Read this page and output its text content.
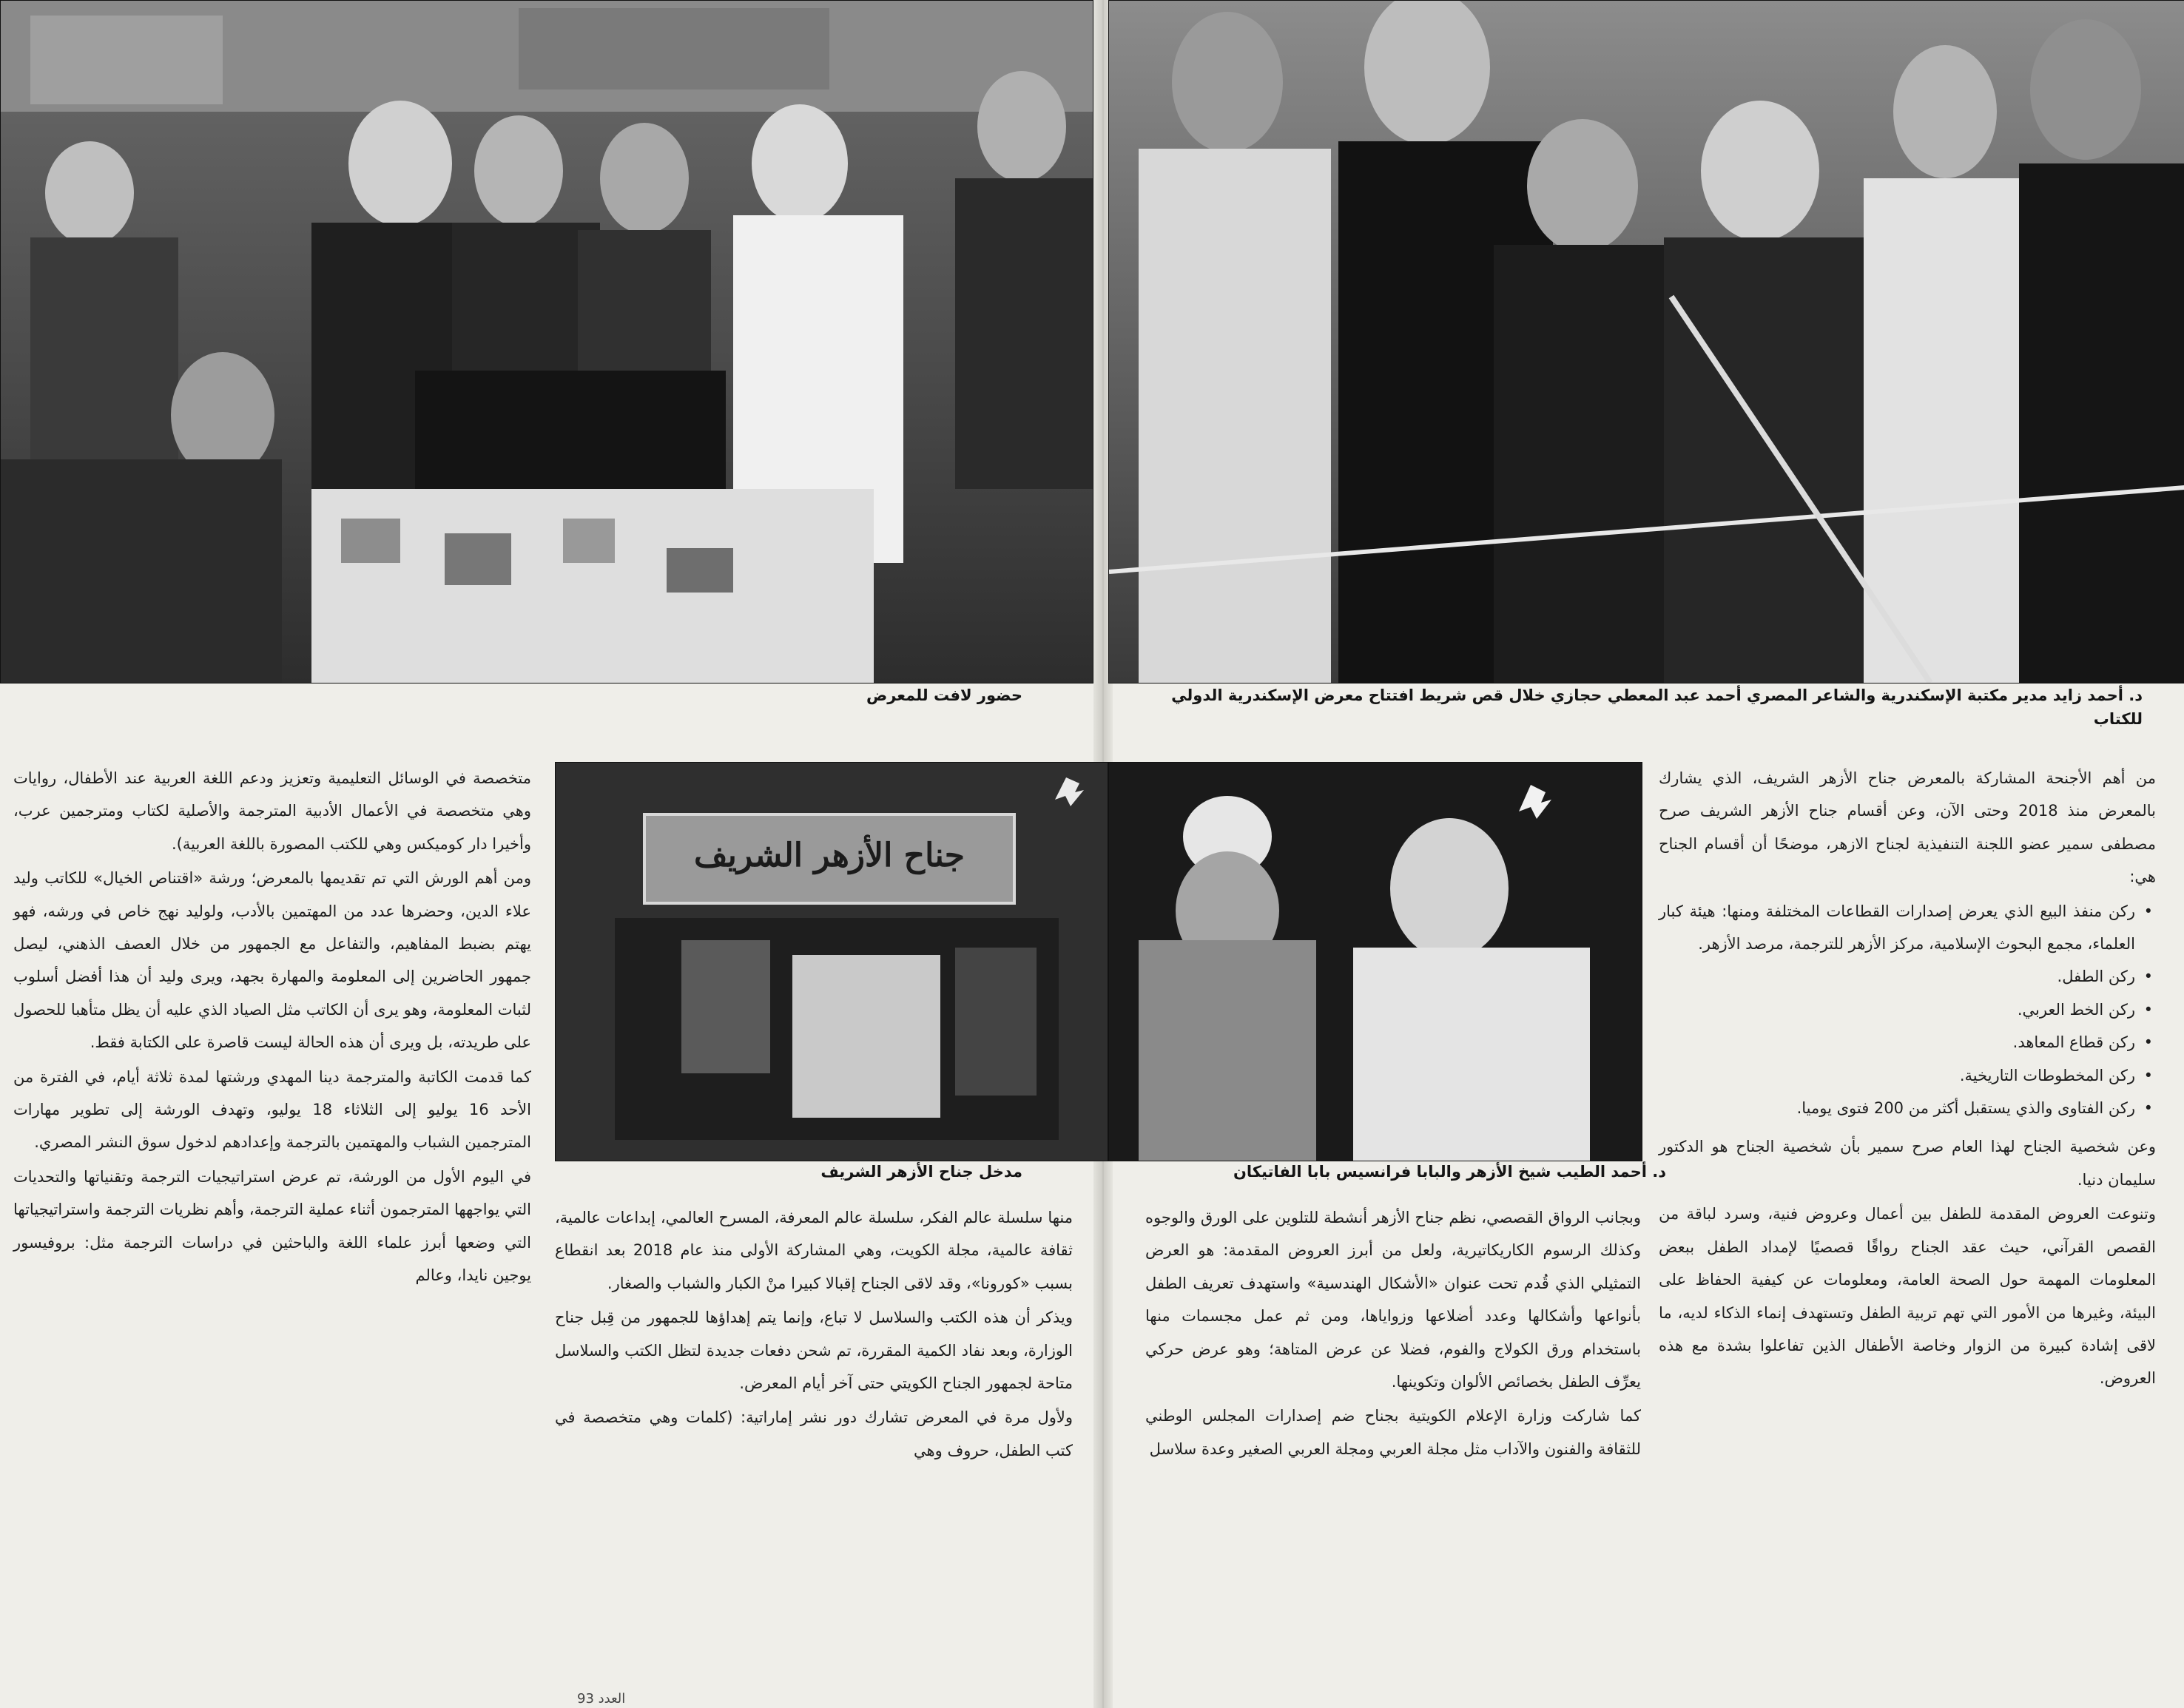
د. أحمد زايد مدير مكتبة الإسكندرية والشاعر المصري أحمد عبد المعطي حجازي خلال قص شريط افتتاح معرض الإسكندرية الدولي للكتاب
حضور لافت للمعرض
جناح الأزهر الشريف
د. أحمد الطيب شيخ الأزهر والبابا فرانسيس بابا الفاتيكان
مدخل جناح الأزهر الشريف

من أهم الأجنحة المشاركة بالمعرض جناح الأزهر الشريف، الذي يشارك بالمعرض منذ 2018 وحتى الآن، وعن أقسام جناح الأزهر الشريف صرح مصطفى سمير عضو اللجنة التنفيذية لجناح الازهر، موضحًا أن أقسام الجناح هي:

• ركن منفذ البيع الذي يعرض إصدارات القطاعات المختلفة ومنها: هيئة كبار العلماء، مجمع البحوث الإسلامية، مركز الأزهر للترجمة، مرصد الأزهر.
• ركن الطفل.
• ركن الخط العربي.
• ركن قطاع المعاهد.
• ركن المخطوطات التاريخية.
• ركن الفتاوى والذي يستقبل أكثر من 200 فتوى يوميا.

وعن شخصية الجناح لهذا العام صرح سمير بأن شخصية الجناح هو الدكتور سليمان دنيا.

وتنوعت العروض المقدمة للطفل بين أعمال وعروض فنية، وسرد لباقة من القصص القرآني، حيث عقد الجناح رواقًا قصصيًا لإمداد الطفل ببعض المعلومات المهمة حول الصحة العامة، ومعلومات عن كيفية الحفاظ على البيئة، وغيرها من الأمور التي تهم تربية الطفل وتستهدف إنماء الذكاء لديه، ما لاقى إشادة كبيرة من الزوار وخاصة الأطفال الذين تفاعلوا بشدة مع هذه العروض.

وبجانب الرواق القصصي، نظم جناح الأزهر أنشطة للتلوين على الورق والوجوه وكذلك الرسوم الكاريكاتيرية، ولعل من أبرز العروض المقدمة: هو العرض التمثيلي الذي قُدم تحت عنوان «الأشكال الهندسية» واستهدف تعريف الطفل بأنواعها وأشكالها وعدد أضلاعها وزواياها، ومن ثم عمل مجسمات منها باستخدام ورق الكولاج والفوم، فضلا عن عرض المتاهة؛ وهو عرض حركي يعرِّف الطفل بخصائص الألوان وتكوينها.

كما شاركت وزارة الإعلام الكويتية بجناح ضم إصدارات المجلس الوطني للثقافة والفنون والآداب مثل مجلة العربي ومجلة العربي الصغير وعدة سلاسل

منها سلسلة عالم الفكر، سلسلة عالم المعرفة، المسرح العالمي، إبداعات عالمية، ثقافة عالمية، مجلة الكويت، وهي المشاركة الأولى منذ عام 2018 بعد انقطاع بسبب «كورونا»، وقد لاقى الجناح إقبالا كبيرا منْ الكبار والشباب والصغار.

ويذكر أن هذه الكتب والسلاسل لا تباع، وإنما يتم إهداؤها للجمهور من قِبل جناح الوزارة، وبعد نفاد الكمية المقررة، تم شحن دفعات جديدة لتظل الكتب والسلاسل متاحة لجمهور الجناح الكويتي حتى آخر أيام المعرض.

ولأول مرة في المعرض تشارك دور نشر إماراتية: (كلمات وهي متخصصة في كتب الطفل، حروف وهي

متخصصة في الوسائل التعليمية وتعزيز ودعم اللغة العربية عند الأطفال، روايات وهي متخصصة في الأعمال الأدبية المترجمة والأصلية لكتاب ومترجمين عرب، وأخيرا دار كوميكس وهي للكتب المصورة باللغة العربية).

ومن أهم الورش التي تم تقديمها بالمعرض؛ ورشة «اقتناص الخيال» للكاتب وليد علاء الدين، وحضرها عدد من المهتمين بالأدب، ولوليد نهج خاص في ورشه، فهو يهتم بضبط المفاهيم، والتفاعل مع الجمهور من خلال العصف الذهني، ليصل جمهور الحاضرين إلى المعلومة والمهارة بجهد، ويرى وليد أن هذا أفضل أسلوب لثبات المعلومة، وهو يرى أن الكاتب مثل الصياد الذي عليه أن يظل متأهبا للحصول على طريدته، بل ويرى أن هذه الحالة ليست قاصرة على الكتابة فقط.

كما قدمت الكاتبة والمترجمة دينا المهدي ورشتها لمدة ثلاثة أيام، في الفترة من الأحد 16 يوليو إلى الثلاثاء 18 يوليو، وتهدف الورشة إلى تطوير مهارات المترجمين الشباب والمهتمين بالترجمة وإعدادهم لدخول سوق النشر المصري.

في اليوم الأول من الورشة، تم عرض استراتيجيات الترجمة وتقنياتها والتحديات التي يواجهها المترجمون أثناء عملية الترجمة، وأهم نظريات الترجمة واستراتيجياتها التي وضعها أبرز علماء اللغة والباحثين في دراسات الترجمة مثل: بروفيسور يوجين نايدا، وعالم

العدد 93
